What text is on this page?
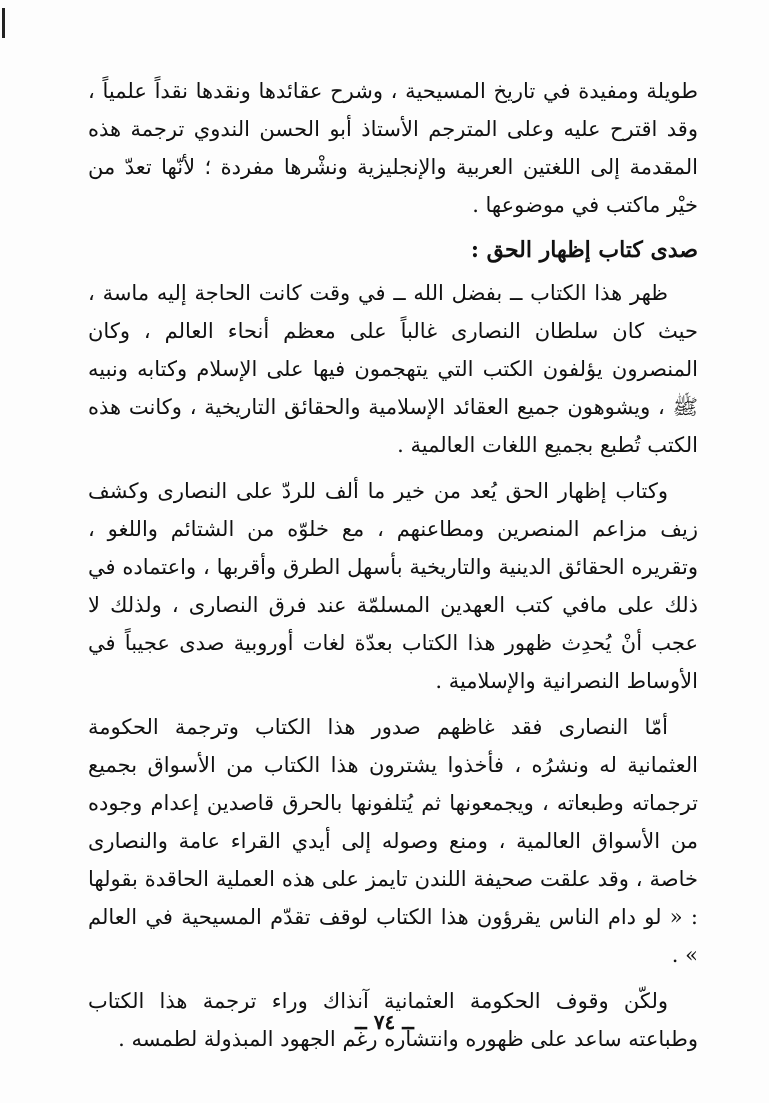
طويلة ومفيدة في تاريخ المسيحية ، وشرح عقائدها ونقدها نقداً علمياً ، وقد اقترح عليه وعلى المترجم الأستاذ أبو الحسن الندوي ترجمة هذه المقدمة إلى اللغتين العربية والإنجليزية ونشْرها مفردة ؛ لأنّها تعدّ من خيْر ماكتب في موضوعها .

صدى كتاب إظهار الحق :

ظهر هذا الكتاب ــ بفضل الله ــ في وقت كانت الحاجة إليه ماسة ، حيث كان سلطان النصارى غالباً على معظم أنحاء العالم ، وكان المنصرون يؤلفون الكتب التي يتهجمون فيها على الإسلام وكتابه ونبيه ﷺ ، ويشوهون جميع العقائد الإسلامية والحقائق التاريخية ، وكانت هذه الكتب تُطبع بجميع اللغات العالمية .

وكتاب إظهار الحق يُعد من خير ما ألف للردّ على النصارى وكشف زيف مزاعم المنصرين ومطاعنهم ، مع خلوّه من الشتائم واللغو ، وتقريره الحقائق الدينية والتاريخية بأسهل الطرق وأقربها ، واعتماده في ذلك على مافي كتب العهدين المسلمّة عند فرق النصارى ، ولذلك لا عجب أنْ يُحدِث ظهور هذا الكتاب بعدّة لغات أوروبية صدى عجيباً في الأوساط النصرانية والإسلامية .

أمّا النصارى فقد غاظهم صدور هذا الكتاب وترجمة الحكومة العثمانية له ونشرُه ، فأخذوا يشترون هذا الكتاب من الأسواق بجميع ترجماته وطبعاته ، ويجمعونها ثم يُتلفونها بالحرق قاصدين إعدام وجوده من الأسواق العالمية ، ومنع وصوله إلى أيدي القراء عامة والنصارى خاصة ، وقد علقت صحيفة اللندن تايمز على هذه العملية الحاقدة بقولها : « لو دام الناس يقرؤون هذا الكتاب لوقف تقدّم المسيحية في العالم » .

ولكّن وقوف الحكومة العثمانية آنذاك وراء ترجمة هذا الكتاب وطباعته ساعد على ظهوره وانتشاره رغم الجهود المبذولة لطمسه .

ــ ٧٤ ــ
